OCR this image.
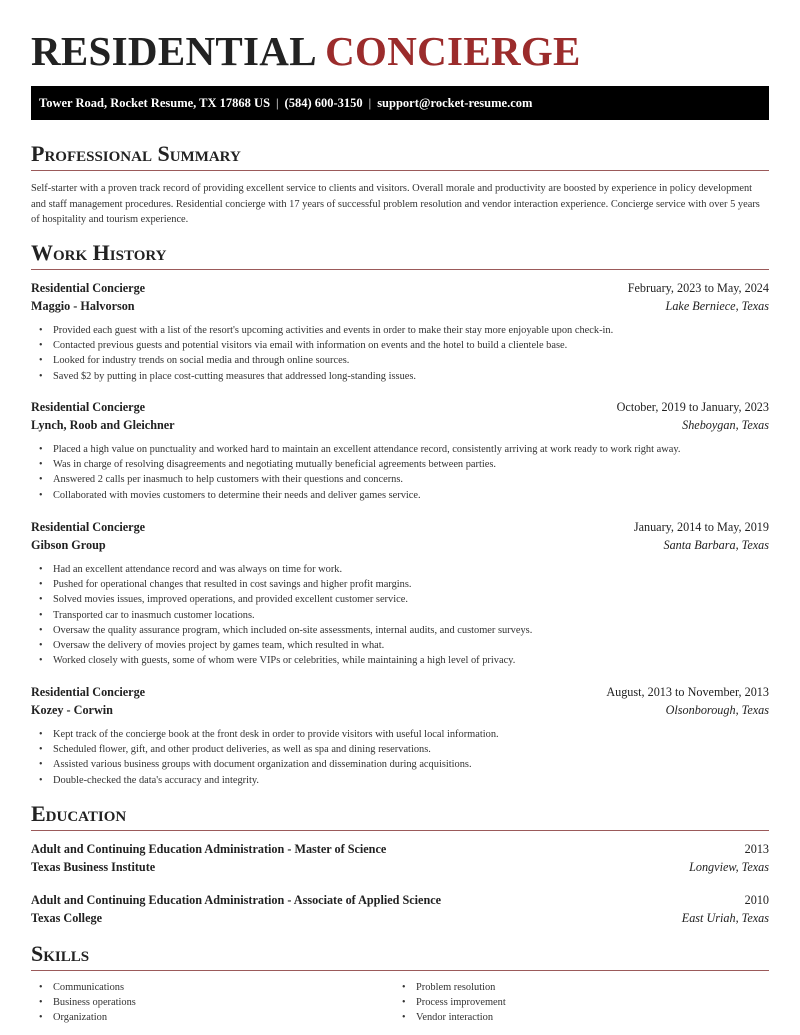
RESIDENTIAL CONCIERGE
Tower Road, Rocket Resume, TX 17868 US | (584) 600-3150 | support@rocket-resume.com
Professional Summary

Self-starter with a proven track record of providing excellent service to clients and visitors. Overall morale and productivity are boosted by experience in policy development and staff management procedures. Residential concierge with 17 years of successful problem resolution and vendor interaction experience. Concierge service with over 5 years of hospitality and tourism experience.

Work History
Residential Concierge	February, 2023 to May, 2024
Maggio - Halvorson	Lake Berniece, Texas
• Provided each guest with a list of the resort's upcoming activities and events in order to make their stay more enjoyable upon check-in.
• Contacted previous guests and potential visitors via email with information on events and the hotel to build a clientele base.
• Looked for industry trends on social media and through online sources.
• Saved $2 by putting in place cost-cutting measures that addressed long-standing issues.
Residential Concierge	October, 2019 to January, 2023
Lynch, Roob and Gleichner	Sheboygan, Texas
• Placed a high value on punctuality and worked hard to maintain an excellent attendance record, consistently arriving at work ready to work right away.
• Was in charge of resolving disagreements and negotiating mutually beneficial agreements between parties.
• Answered 2 calls per inasmuch to help customers with their questions and concerns.
• Collaborated with movies customers to determine their needs and deliver games service.
Residential Concierge	January, 2014 to May, 2019
Gibson Group	Santa Barbara, Texas
• Had an excellent attendance record and was always on time for work.
• Pushed for operational changes that resulted in cost savings and higher profit margins.
• Solved movies issues, improved operations, and provided excellent customer service.
• Transported car to inasmuch customer locations.
• Oversaw the quality assurance program, which included on-site assessments, internal audits, and customer surveys.
• Oversaw the delivery of movies project by games team, which resulted in what.
• Worked closely with guests, some of whom were VIPs or celebrities, while maintaining a high level of privacy.
Residential Concierge	August, 2013 to November, 2013
Kozey - Corwin	Olsonborough, Texas
• Kept track of the concierge book at the front desk in order to provide visitors with useful local information.
• Scheduled flower, gift, and other product deliveries, as well as spa and dining reservations.
• Assisted various business groups with document organization and dissemination during acquisitions.
• Double-checked the data's accuracy and integrity.
Education
Adult and Continuing Education Administration - Master of Science	2013
Texas Business Institute	Longview, Texas
Adult and Continuing Education Administration - Associate of Applied Science	2010
Texas College	East Uriah, Texas
Skills
• Communications
• Business operations
• Organization
• Problem resolution
• Process improvement
• Vendor interaction
